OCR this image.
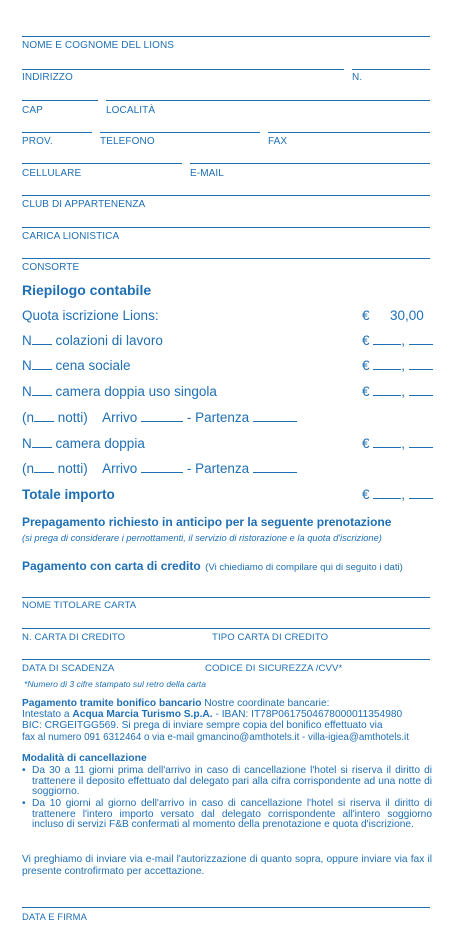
NOME E COGNOME DEL LIONS
INDIRIZZO	N.
CAP	LOCALITÀ
PROV.	TELEFONO	FAX
CELLULARE	E-MAIL
CLUB DI APPARTENENZA
CARICA LIONISTICA
CONSORTE
Riepilogo contabile
Quota iscrizione Lions:	€ 30,00
N colazioni di lavoro	€ ,
N cena sociale	€ ,
N camera doppia uso singola	€ ,
(n notti) Arrivo	- Partenza
N camera doppia	€ ,
(n notti) Arrivo	- Partenza
Totale importo	€ ,
Prepagamento richiesto in anticipo per la seguente prenotazione
(si prega di considerare i pernottamenti, il servizio di ristorazione e la quota d'iscrizione)
Pagamento con carta di credito (Vi chiediamo di compilare qui di seguito i dati)
NOME TITOLARE CARTA
N. CARTA DI CREDITO	TIPO CARTA DI CREDITO
DATA DI SCADENZA	CODICE DI SICUREZZA /CVV*
*Numero di 3 cifre stampato sul retro della carta
Pagamento tramite bonifico bancario Nostre coordinate bancarie:
Intestato a Acqua Marcia Turismo S.p.A. - IBAN: IT78P0617504678000011354980
BIC: CRGEITGG569. Si prega di inviare sempre copia del bonifico effettuato via
fax al numero 091 6312464 o via e-mail gmancino@amthotels.it - villa-igiea@amthotels.it
Modalità di cancellazione
• Da 30 a 11 giorni prima dell'arrivo in caso di cancellazione l'hotel si riserva il diritto di trattenere il deposito effettuato dal delegato pari alla cifra corrispondente ad una notte di soggiorno.
• Da 10 giorni al giorno dell'arrivo in caso di cancellazione l'hotel si riserva il diritto di trattenere l'intero importo versato dal delegato corrispondente all'intero soggiorno incluso di servizi F&B confermati al momento della prenotazione e quota d'iscrizione.
Vi preghiamo di inviare via e-mail l'autorizzazione di quanto sopra, oppure inviare via fax il presente controfirmato per accettazione.
DATA E FIRMA
